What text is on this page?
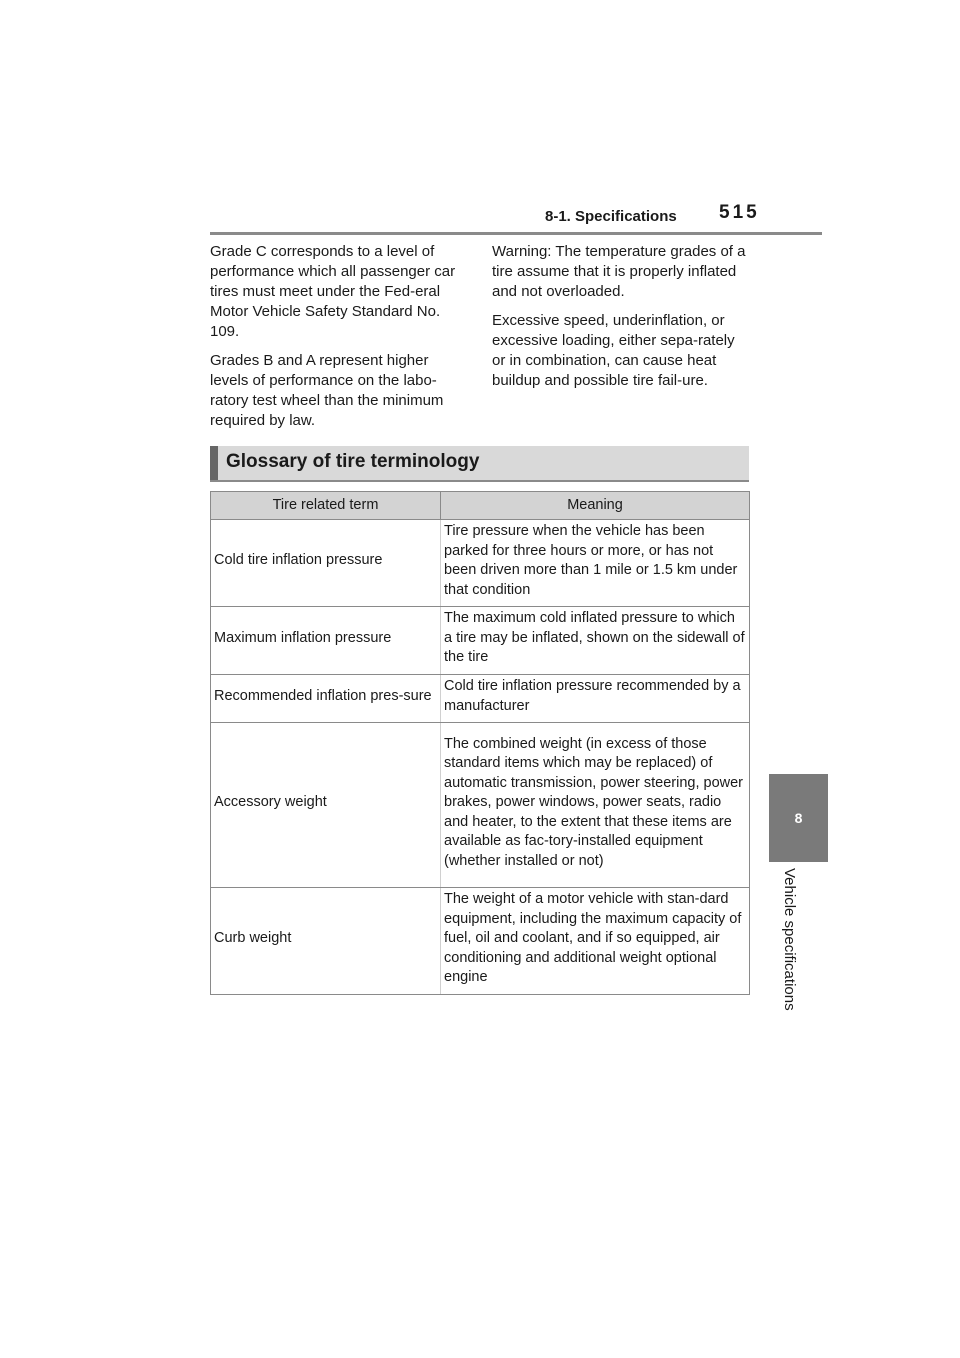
8-1. Specifications 515
8
Vehicle specifications

Grade C corresponds to a level of performance which all passenger car tires must meet under the Fed-eral Motor Vehicle Safety Standard No. 109.

Grades B and A represent higher levels of performance on the labo-ratory test wheel than the minimum required by law.

Warning: The temperature grades of a tire assume that it is properly inflated and not overloaded.

Excessive speed, underinflation, or excessive loading, either sepa-rately or in combination, can cause heat buildup and possible tire fail-ure.

Glossary of tire terminology
Tire related term	Meaning
Cold tire inflation pressure	Tire pressure when the vehicle has been parked for three hours or more, or has not been driven more than 1 mile or 1.5 km under that condition
Maximum inflation pressure	The maximum cold inflated pressure to which a tire may be inflated, shown on the sidewall of the tire
Recommended inflation pres-sure	Cold tire inflation pressure recommended by a manufacturer
Accessory weight	The combined weight (in excess of those standard items which may be replaced) of automatic transmission, power steering, power brakes, power windows, power seats, radio and heater, to the extent that these items are available as fac-tory-installed equipment (whether installed or not)
Curb weight	The weight of a motor vehicle with stan-dard equipment, including the maximum capacity of fuel, oil and coolant, and if so equipped, air conditioning and additional weight optional engine
